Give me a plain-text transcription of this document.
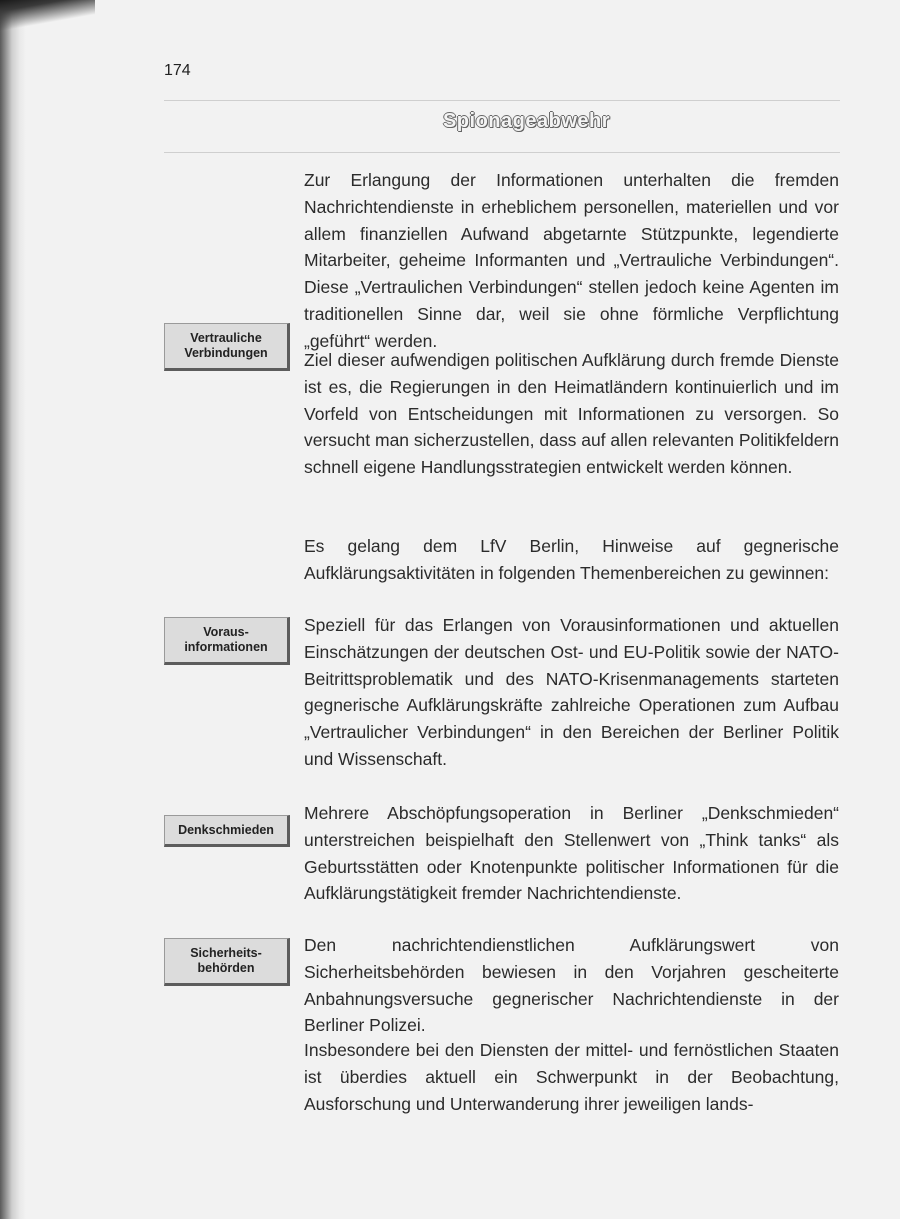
174
Spionageabwehr
Vertrauliche
Verbindungen
Voraus-
informationen
Denkschmieden
Sicherheits-
behörden

Zur Erlangung der Informationen unterhalten die fremden Nachrichtendienste in erheblichem personellen, materiellen und vor allem finanziellen Aufwand abgetarnte Stützpunkte, legendierte Mitarbeiter, geheime Informanten und „Vertrauliche Verbindungen“. Diese „Vertraulichen Verbindungen“ stellen jedoch keine Agenten im traditionellen Sinne dar, weil sie ohne förmliche Verpflichtung „geführt“ werden.

Ziel dieser aufwendigen politischen Aufklärung durch fremde Dienste ist es, die Regierungen in den Heimatländern kontinuierlich und im Vorfeld von Entscheidungen mit Informationen zu versorgen. So versucht man sicherzustellen, dass auf allen relevanten Politikfeldern schnell eigene Handlungsstrategien entwickelt werden können.

Es gelang dem LfV Berlin, Hinweise auf gegnerische Aufklärungsaktivitäten in folgenden Themenbereichen zu gewinnen:

Speziell für das Erlangen von Vorausinformationen und aktuellen Einschätzungen der deutschen Ost- und EU-Politik sowie der NATO-Beitrittsproblematik und des NATO-Krisenmanagements starteten gegnerische Aufklärungskräfte zahlreiche Operationen zum Aufbau „Vertraulicher Verbindungen“ in den Bereichen der Berliner Politik und Wissenschaft.

Mehrere Abschöpfungsoperation in Berliner „Denkschmieden“ unterstreichen beispielhaft den Stellenwert von „Think tanks“ als Geburtsstätten oder Knotenpunkte politischer Informationen für die Aufklärungstätigkeit fremder Nachrichtendienste.

Den nachrichtendienstlichen Aufklärungswert von Sicherheitsbehörden bewiesen in den Vorjahren gescheiterte Anbahnungsversuche gegnerischer Nachrichtendienste in der Berliner Polizei.

Insbesondere bei den Diensten der mittel- und fernöstlichen Staaten ist überdies aktuell ein Schwerpunkt in der Beobachtung, Ausforschung und Unterwanderung ihrer jeweiligen lands-
